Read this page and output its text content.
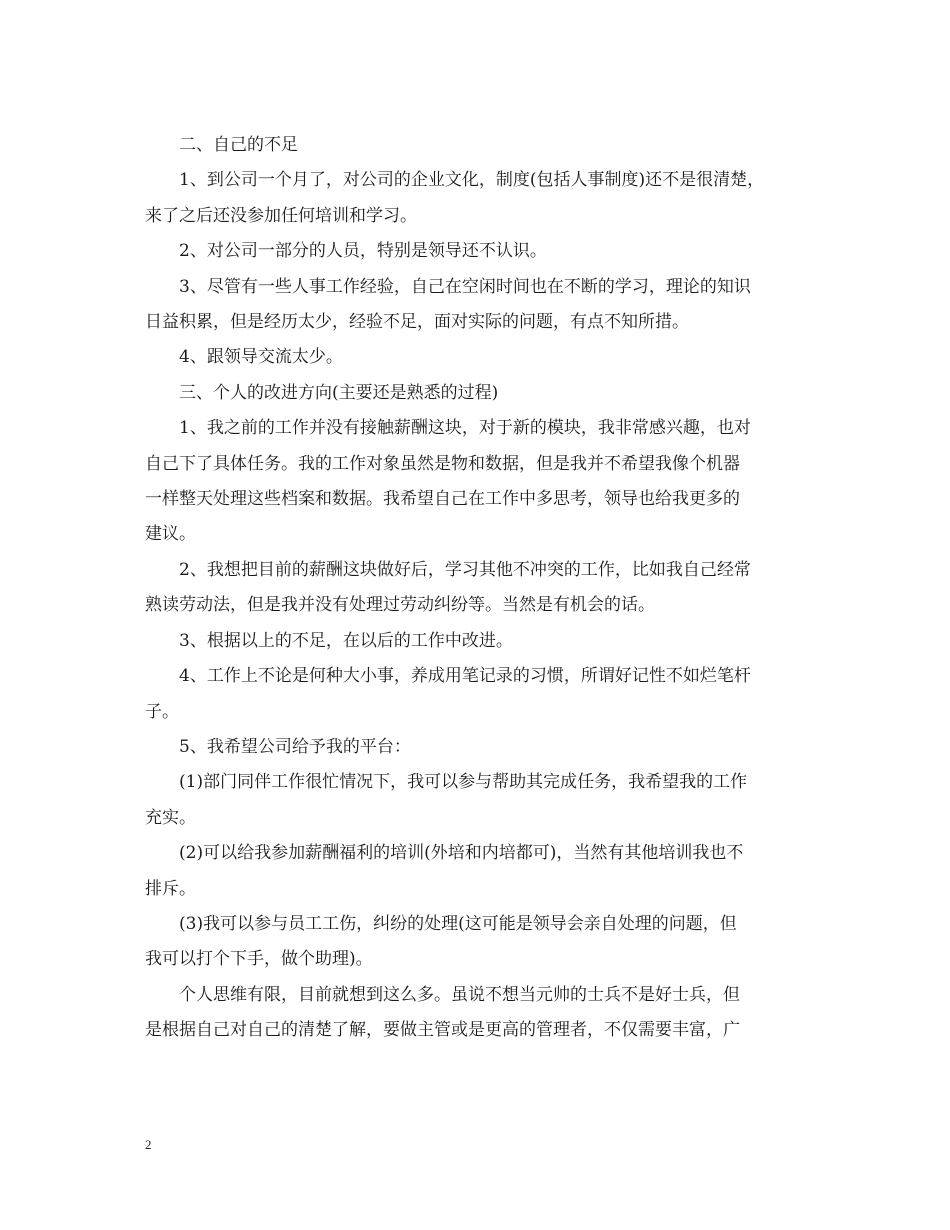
二、自己的不足

1、到公司一个月了，对公司的企业文化，制度(包括人事制度)还不是很清楚，
来了之后还没参加任何培训和学习。

2、对公司一部分的人员，特别是领导还不认识。

3、尽管有一些人事工作经验，自己在空闲时间也在不断的学习，理论的知识
日益积累，但是经历太少，经验不足，面对实际的问题，有点不知所措。

4、跟领导交流太少。

三、个人的改进方向(主要还是熟悉的过程)

1、我之前的工作并没有接触薪酬这块，对于新的模块，我非常感兴趣，也对
自己下了具体任务。我的工作对象虽然是物和数据，但是我并不希望我像个机器
一样整天处理这些档案和数据。我希望自己在工作中多思考，领导也给我更多的
建议。

2、我想把目前的薪酬这块做好后，学习其他不冲突的工作，比如我自己经常
熟读劳动法，但是我并没有处理过劳动纠纷等。当然是有机会的话。

3、根据以上的不足，在以后的工作中改进。

4、工作上不论是何种大小事，养成用笔记录的习惯，所谓好记性不如烂笔杆
子。

5、我希望公司给予我的平台：

(1)部门同伴工作很忙情况下，我可以参与帮助其完成任务，我希望我的工作
充实。

(2)可以给我参加薪酬福利的培训(外培和内培都可)，当然有其他培训我也不
排斥。

(3)我可以参与员工工伤，纠纷的处理(这可能是领导会亲自处理的问题，但
我可以打个下手，做个助理)。

个人思维有限，目前就想到这么多。虽说不想当元帅的士兵不是好士兵，但
是根据自己对自己的清楚了解，要做主管或是更高的管理者，不仅需要丰富，广

2
